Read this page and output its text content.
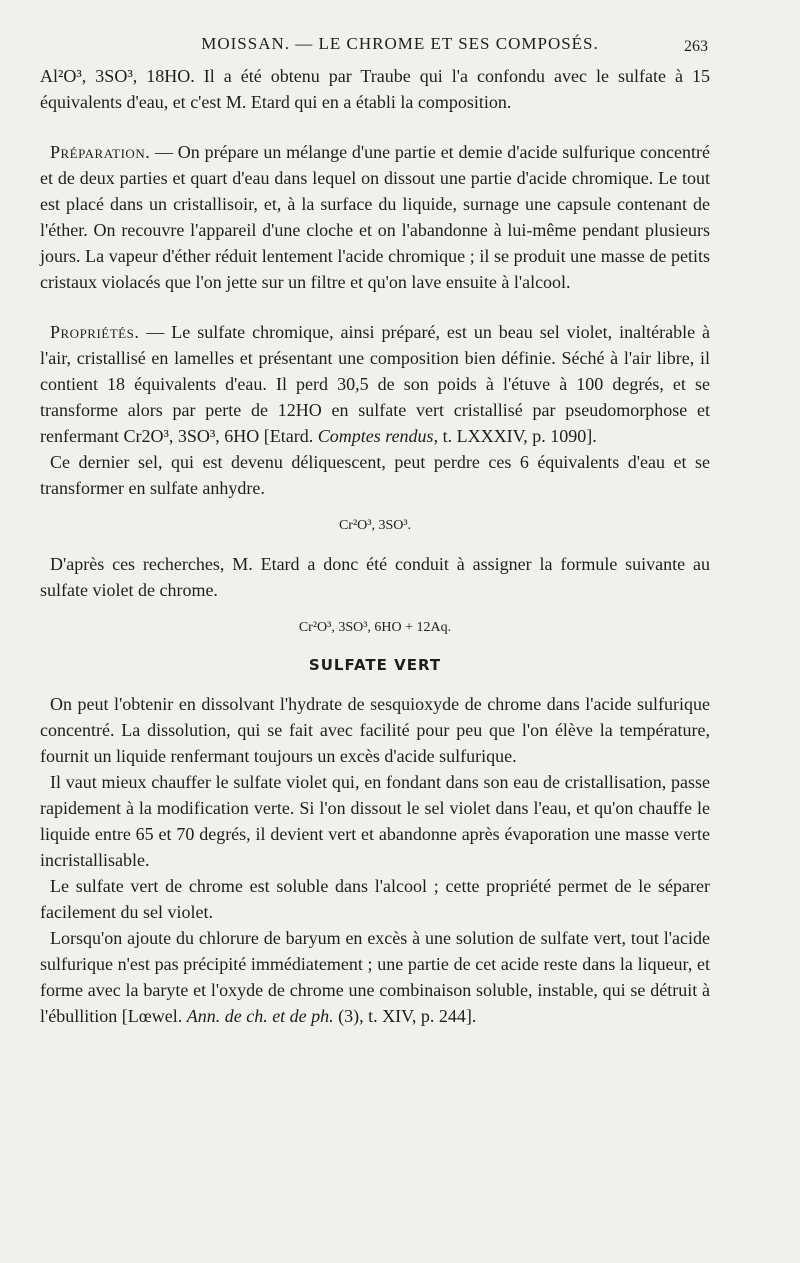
MOISSAN. — LE CHROME ET SES COMPOSÉS.	263

Al²O³, 3SO³, 18HO. Il a été obtenu par Traube qui l'a confondu avec le sulfate à 15 équivalents d'eau, et c'est M. Etard qui en a établi la composition.

Préparation. — On prépare un mélange d'une partie et demie d'acide sulfurique concentré et de deux parties et quart d'eau dans lequel on dissout une partie d'acide chromique. Le tout est placé dans un cristallisoir, et, à la surface du liquide, surnage une capsule contenant de l'éther. On recouvre l'appareil d'une cloche et on l'abandonne à lui-même pendant plusieurs jours. La vapeur d'éther réduit lentement l'acide chromique ; il se produit une masse de petits cristaux violacés que l'on jette sur un filtre et qu'on lave ensuite à l'alcool.

Propriétés. — Le sulfate chromique, ainsi préparé, est un beau sel violet, inaltérable à l'air, cristallisé en lamelles et présentant une composition bien définie. Séché à l'air libre, il contient 18 équivalents d'eau. Il perd 30,5 de son poids à l'étuve à 100 degrés, et se transforme alors par perte de 12HO en sulfate vert cristallisé par pseudomorphose et renfermant Cr2O³, 3SO³, 6HO [Etard. Comptes rendus, t. LXXXIV, p. 1090].

Ce dernier sel, qui est devenu déliquescent, peut perdre ces 6 équivalents d'eau et se transformer en sulfate anhydre.

Cr²O³, 3SO³.

D'après ces recherches, M. Etard a donc été conduit à assigner la formule suivante au sulfate violet de chrome.

Cr²O³, 3SO³, 6HO + 12Aq.

SULFATE VERT

On peut l'obtenir en dissolvant l'hydrate de sesquioxyde de chrome dans l'acide sulfurique concentré. La dissolution, qui se fait avec facilité pour peu que l'on élève la température, fournit un liquide renfermant toujours un excès d'acide sulfurique.

Il vaut mieux chauffer le sulfate violet qui, en fondant dans son eau de cristallisation, passe rapidement à la modification verte. Si l'on dissout le sel violet dans l'eau, et qu'on chauffe le liquide entre 65 et 70 degrés, il devient vert et abandonne après évaporation une masse verte incristallisable.

Le sulfate vert de chrome est soluble dans l'alcool ; cette propriété permet de le séparer facilement du sel violet.

Lorsqu'on ajoute du chlorure de baryum en excès à une solution de sulfate vert, tout l'acide sulfurique n'est pas précipité immédiatement ; une partie de cet acide reste dans la liqueur, et forme avec la baryte et l'oxyde de chrome une combinaison soluble, instable, qui se détruit à l'ébullition [Lœwel. Ann. de ch. et de ph. (3), t. XIV, p. 244].
